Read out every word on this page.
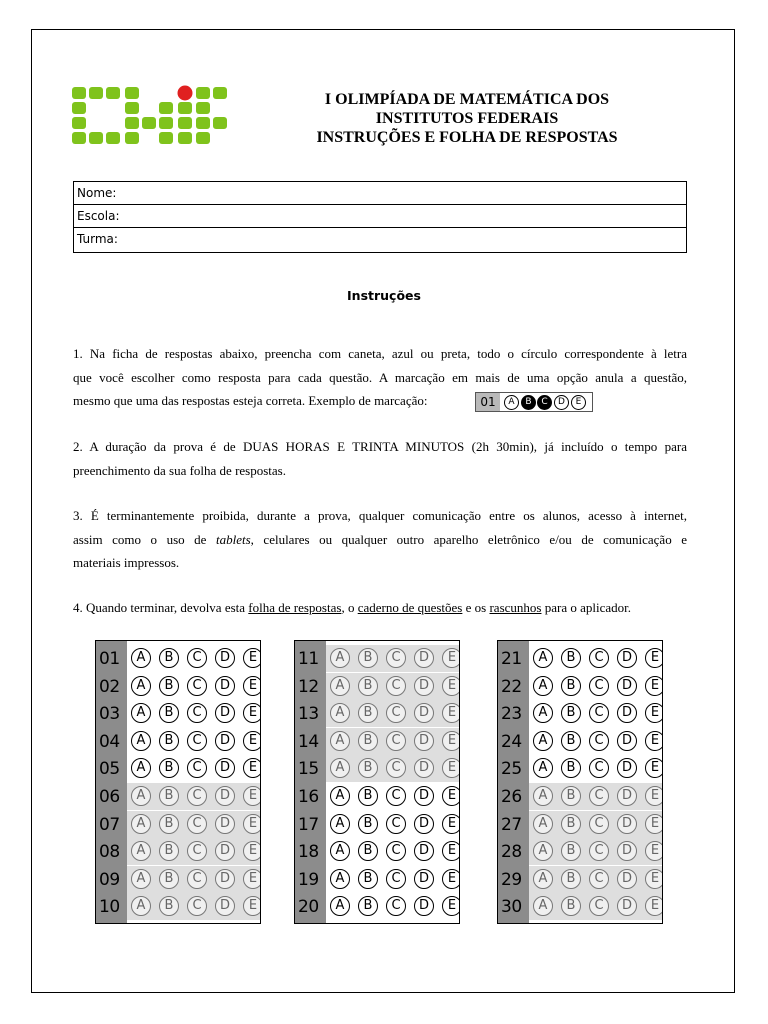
I OLIMPÍADA DE MATEMÁTICA DOS
INSTITUTOS FEDERAIS
INSTRUÇÕES E FOLHA DE RESPOSTAS
Nome:
Escola:
Turma:
Instruções
1. Na ficha de respostas abaixo, preencha com caneta, azul ou preta, todo o círculo correspondente à letra
que você escolher como resposta para cada questão. A marcação em mais de uma opção anula a questão,
mesmo que uma das respostas esteja correta. Exemplo de marcação:	01	A	B	C	D	E
2. A duração da prova é de DUAS HORAS E TRINTA MINUTOS (2h 30min), já incluído o tempo para
preenchimento da sua folha de respostas.
3. É terminantemente proibida, durante a prova, qualquer comunicação entre os alunos, acesso à internet,
assim como o uso de tablets, celulares ou qualquer outro aparelho eletrônico e/ou de comunicação e
materiais impressos.
4. Quando terminar, devolva esta folha de respostas, o caderno de questões e os rascunhos para o aplicador.
01	A	B	C	D	E
02	A	B	C	D	E
03	A	B	C	D	E
04	A	B	C	D	E
05	A	B	C	D	E
06	A	B	C	D	E
07	A	B	C	D	E
08	A	B	C	D	E
09	A	B	C	D	E
10	A	B	C	D	E
11	A	B	C	D	E
12	A	B	C	D	E
13	A	B	C	D	E
14	A	B	C	D	E
15	A	B	C	D	E
16	A	B	C	D	E
17	A	B	C	D	E
18	A	B	C	D	E
19	A	B	C	D	E
20	A	B	C	D	E
21	A	B	C	D	E
22	A	B	C	D	E
23	A	B	C	D	E
24	A	B	C	D	E
25	A	B	C	D	E
26	A	B	C	D	E
27	A	B	C	D	E
28	A	B	C	D	E
29	A	B	C	D	E
30	A	B	C	D	E
